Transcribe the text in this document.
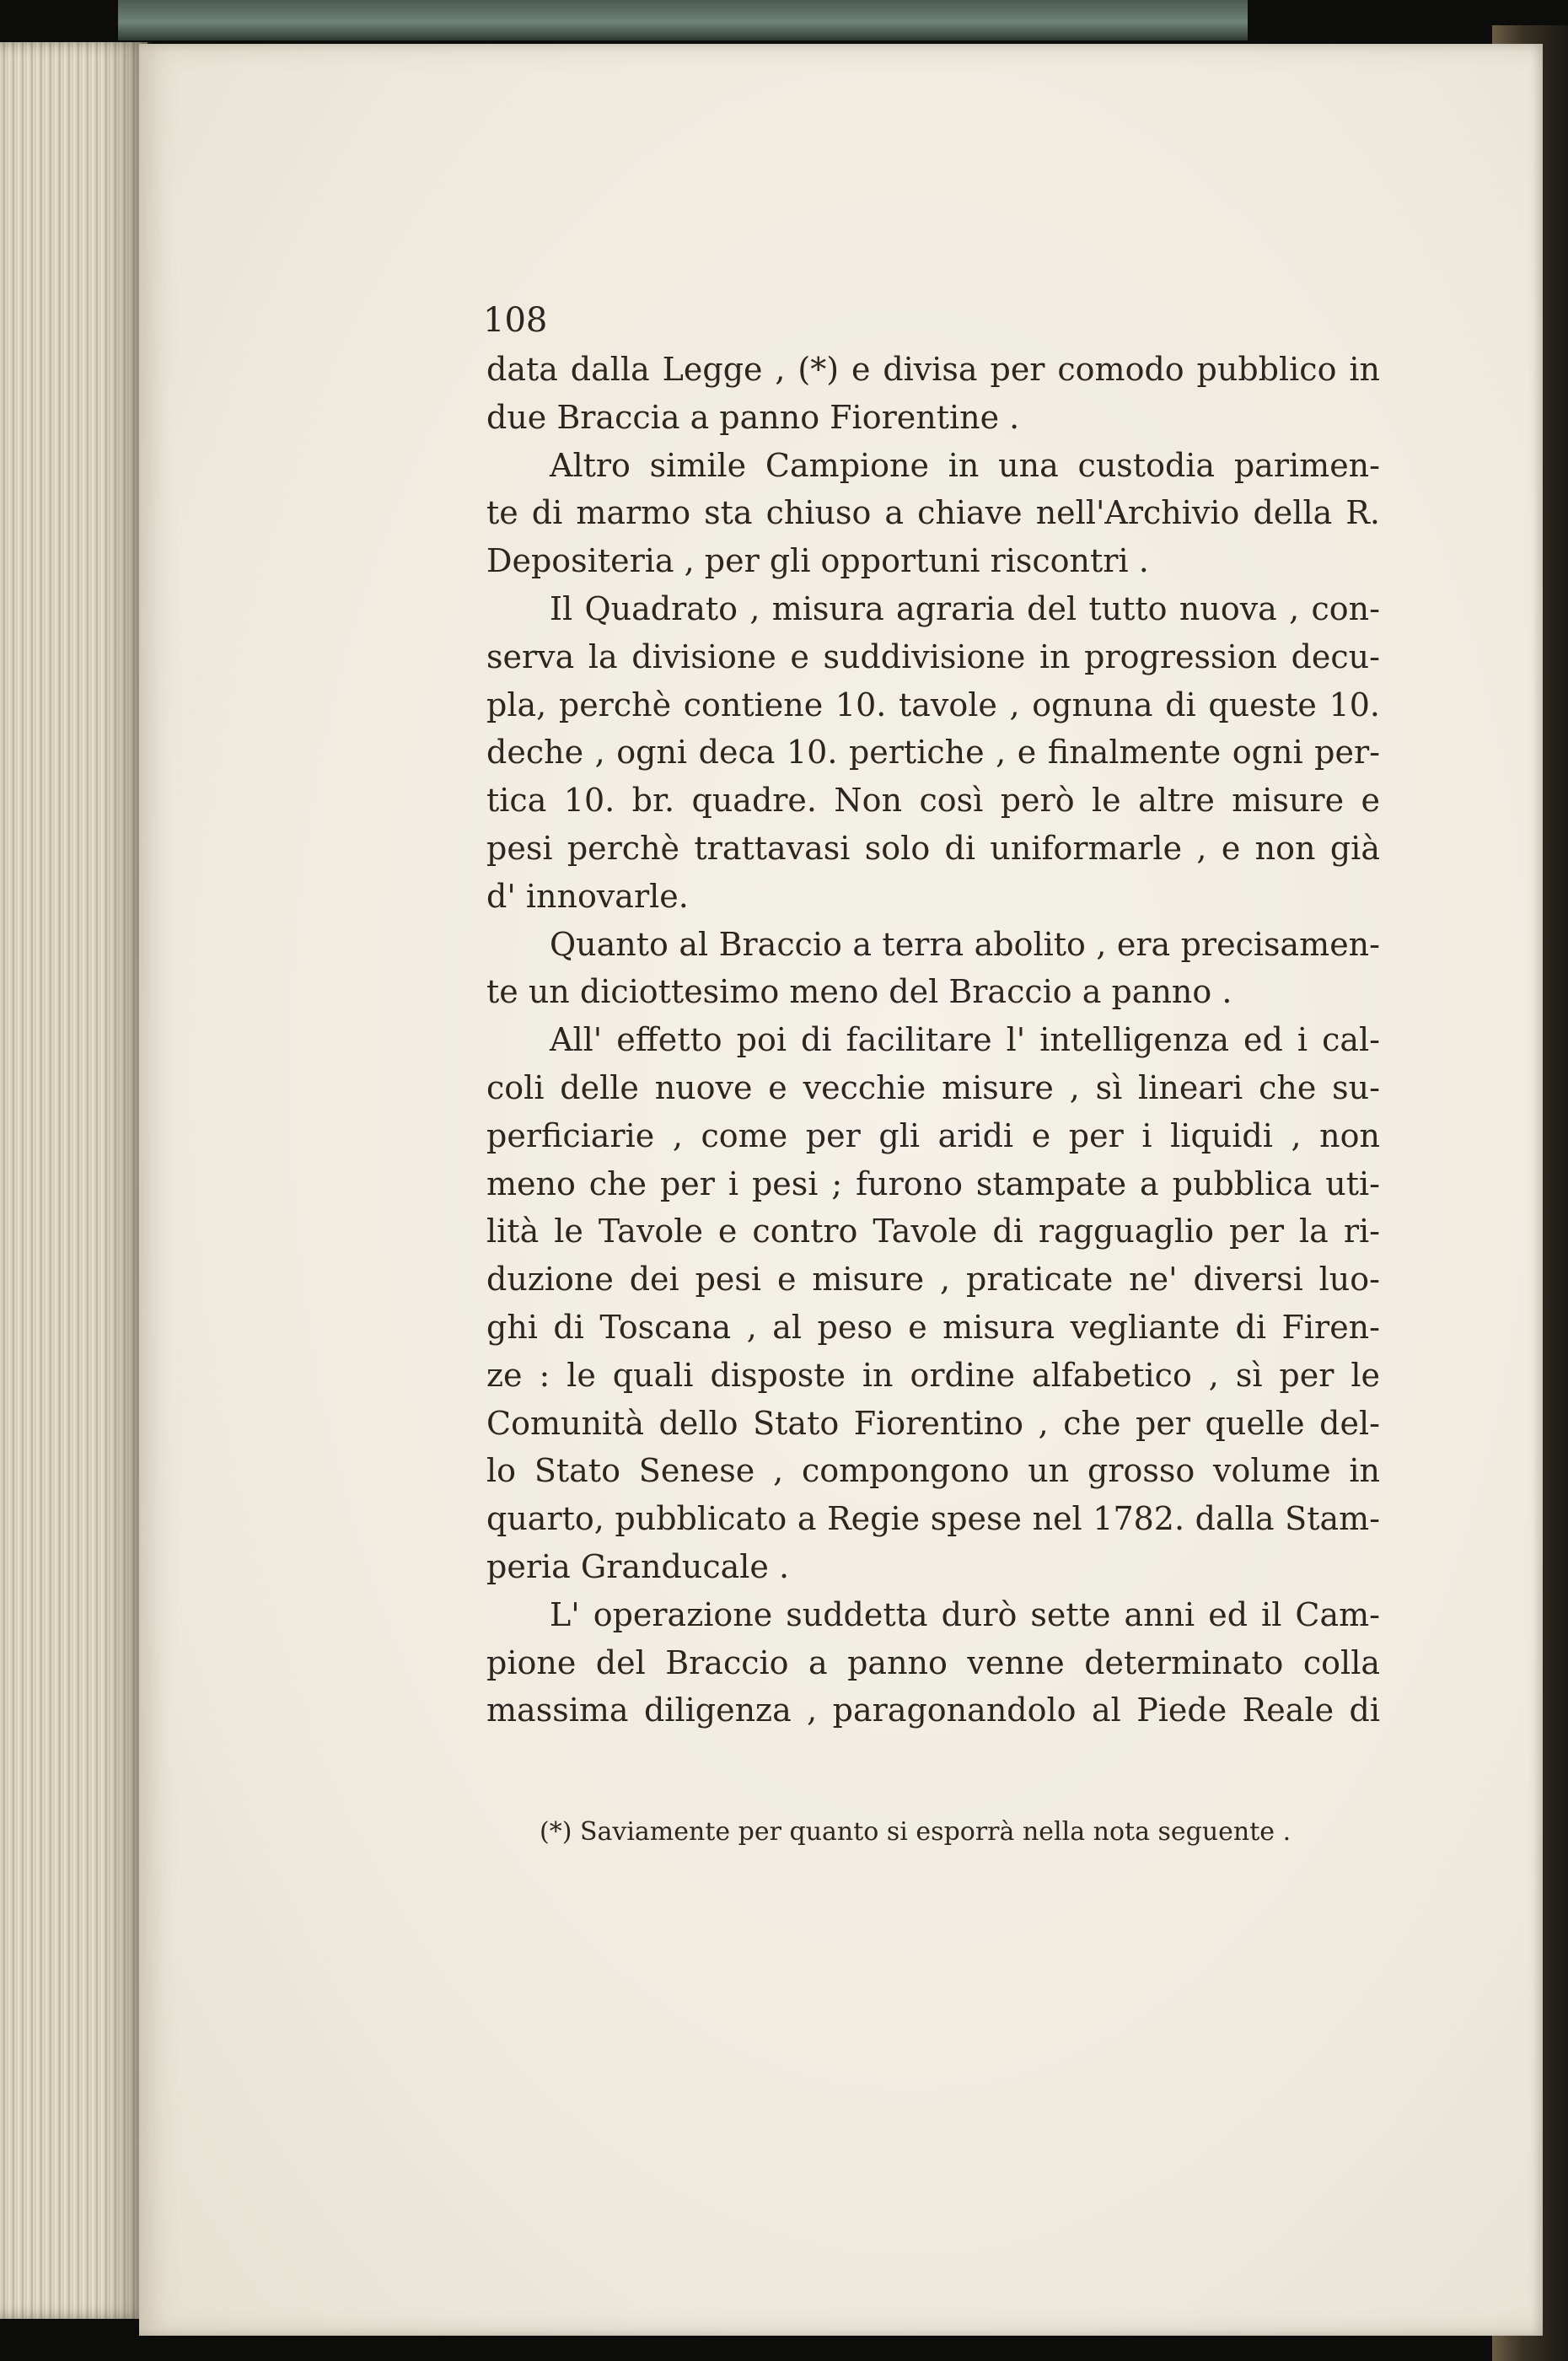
108

data dalla Legge , (*) e divisa per comodo pubblico in
due Braccia a panno Fiorentine .

Altro simile Campione in una custodia parimen-
te di marmo sta chiuso a chiave nell'Archivio della R.
Depositeria , per gli opportuni riscontri .

Il Quadrato , misura agraria del tutto nuova , con-
serva la divisione e suddivisione in progression decu-
pla, perchè contiene 10. tavole , ognuna di queste 10.
deche , ogni deca 10. pertiche , e finalmente ogni per-
tica 10. br. quadre. Non così però le altre misure e
pesi perchè trattavasi solo di uniformarle , e non già
d' innovarle.

Quanto al Braccio a terra abolito , era precisamen-
te un diciottesimo meno del Braccio a panno .

All' effetto poi di facilitare l' intelligenza ed i cal-
coli delle nuove e vecchie misure , sì lineari che su-
perficiarie , come per gli aridi e per i liquidi , non
meno che per i pesi ; furono stampate a pubblica uti-
lità le Tavole e contro Tavole di ragguaglio per la ri-
duzione dei pesi e misure , praticate ne' diversi luo-
ghi di Toscana , al peso e misura vegliante di Firen-
ze : le quali disposte in ordine alfabetico , sì per le
Comunità dello Stato Fiorentino , che per quelle del-
lo Stato Senese , compongono un grosso volume in
quarto, pubblicato a Regie spese nel 1782. dalla Stam-
peria Granducale .

L' operazione suddetta durò sette anni ed il Cam-
pione del Braccio a panno venne determinato colla
massima diligenza , paragonandolo al Piede Reale di

(*) Saviamente per quanto si esporrà nella nota seguente .
